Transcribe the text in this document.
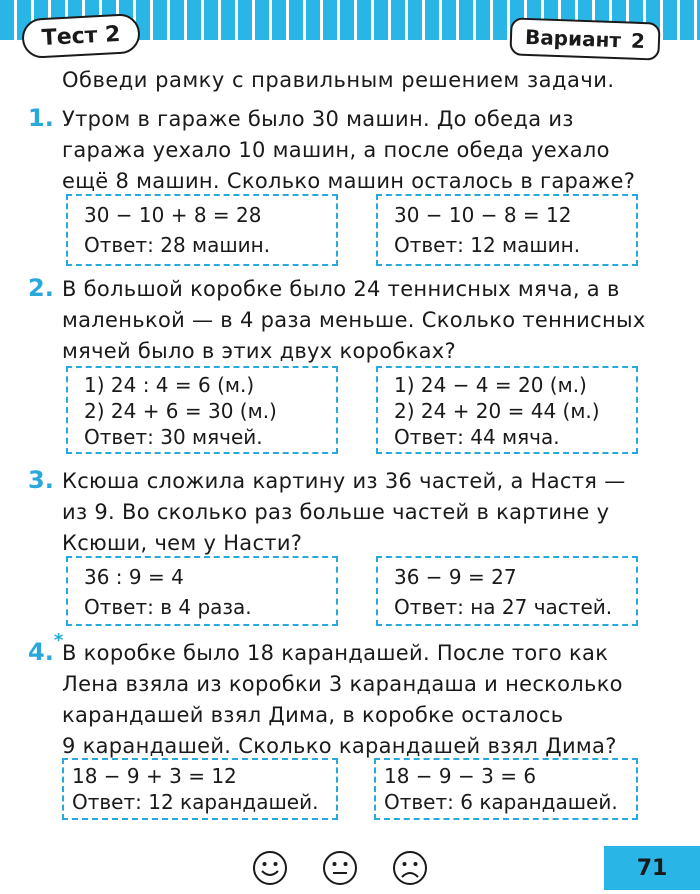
Тест 2	Вариант 2
Обведи рамку с правильным решением задачи.
1. Утром в гараже было 30 машин. До обеда из
гаража уехало 10 машин, а после обеда уехало
ещё 8 машин. Сколько машин осталось в гараже?
30 − 10 + 8 = 28
Ответ: 28 машин.
30 − 10 − 8 = 12
Ответ: 12 машин.
2. В большой коробке было 24 теннисных мяча, а в
маленькой — в 4 раза меньше. Сколько теннисных
мячей было в этих двух коробках?
1) 24 : 4 = 6 (м.)
2) 24 + 6 = 30 (м.)
Ответ: 30 мячей.
1) 24 − 4 = 20 (м.)
2) 24 + 20 = 44 (м.)
Ответ: 44 мяча.
3. Ксюша сложила картину из 36 частей, а Настя —
из 9. Во сколько раз больше частей в картине у
Ксюши, чем у Насти?
36 : 9 = 4
Ответ: в 4 раза.
36 − 9 = 27
Ответ: на 27 частей.
4.*
В коробке было 18 карандашей. После того как
Лена взяла из коробки 3 карандаша и несколько
карандашей взял Дима, в коробке осталось
9 карандашей. Сколько карандашей взял Дима?
18 − 9 + 3 = 12
Ответ: 12 карандашей.
18 − 9 − 3 = 6
Ответ: 6 карандашей.
71
